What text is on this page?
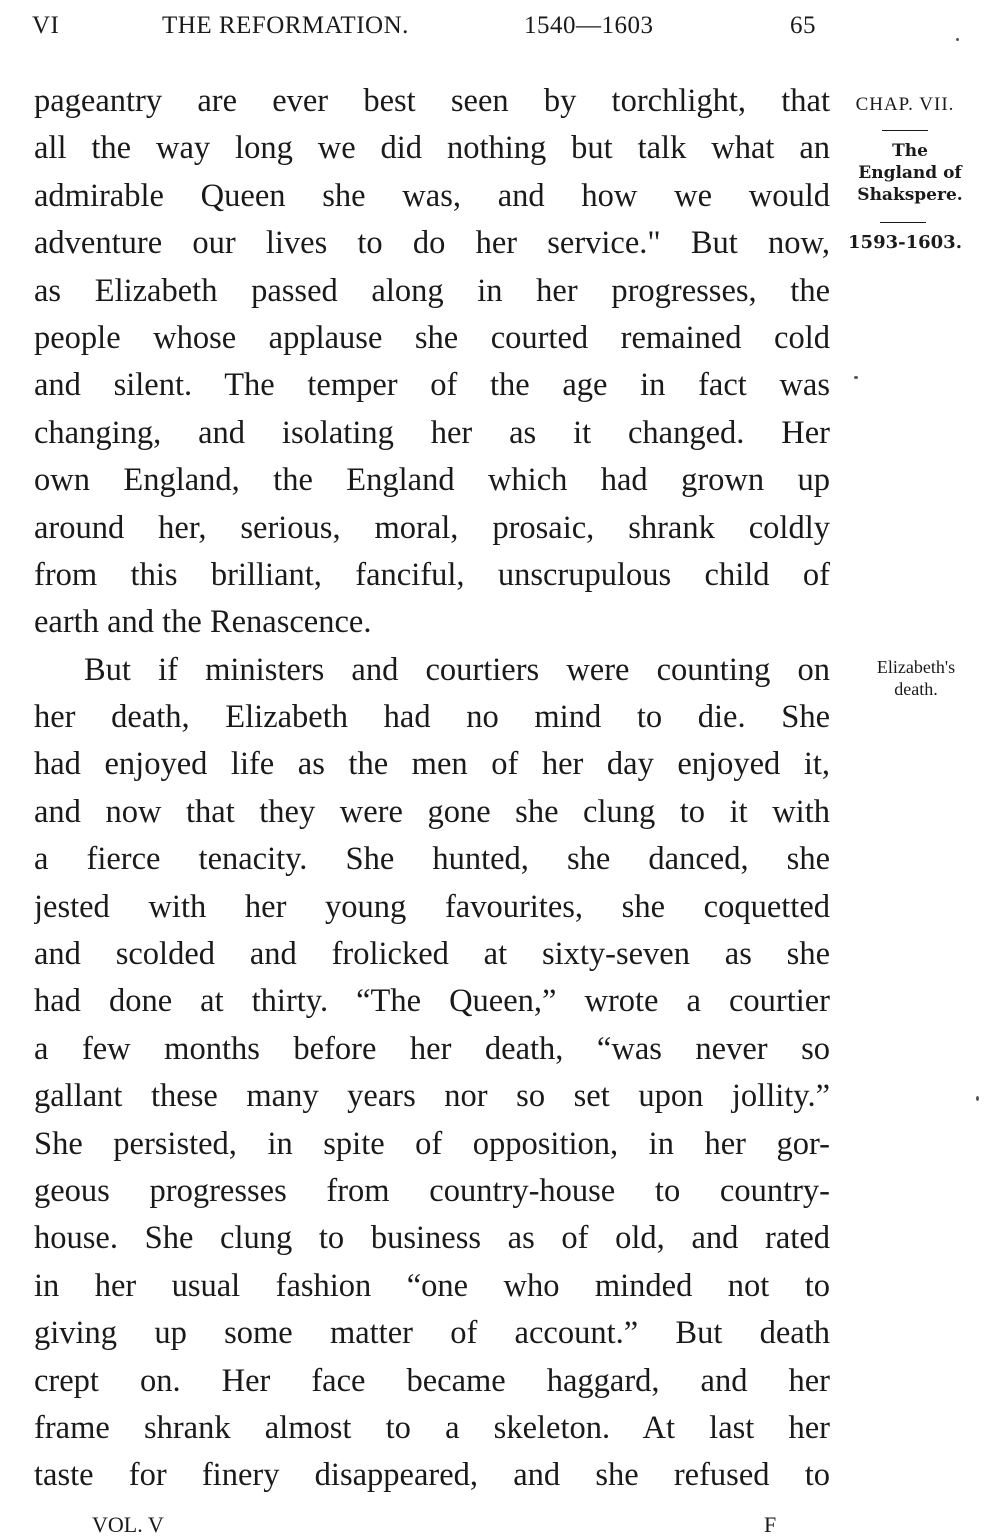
VI	THE REFORMATION.	1540—1603	65
CHAP. VII.
The
England of
Shakspere.
1593-1603.
Elizabeth's
death.
pageantry are ever best seen by torchlight, that
all the way long we did nothing but talk what an
admirable Queen she was, and how we would
adventure our lives to do her service." But now,
as Elizabeth passed along in her progresses, the
people whose applause she courted remained cold
and silent. The temper of the age in fact was
changing, and isolating her as it changed. Her
own England, the England which had grown up
around her, serious, moral, prosaic, shrank coldly
from this brilliant, fanciful, unscrupulous child of
earth and the Renascence.
But if ministers and courtiers were counting on
her death, Elizabeth had no mind to die. She
had enjoyed life as the men of her day enjoyed it,
and now that they were gone she clung to it with
a fierce tenacity. She hunted, she danced, she
jested with her young favourites, she coquetted
and scolded and frolicked at sixty-seven as she
had done at thirty. “The Queen,” wrote a courtier
a few months before her death, “was never so
gallant these many years nor so set upon jollity.”
She persisted, in spite of opposition, in her gor-
geous progresses from country-house to country-
house. She clung to business as of old, and rated
in her usual fashion “one who minded not to
giving up some matter of account.” But death
crept on. Her face became haggard, and her
frame shrank almost to a skeleton. At last her
taste for finery disappeared, and she refused to
VOL. V	F
